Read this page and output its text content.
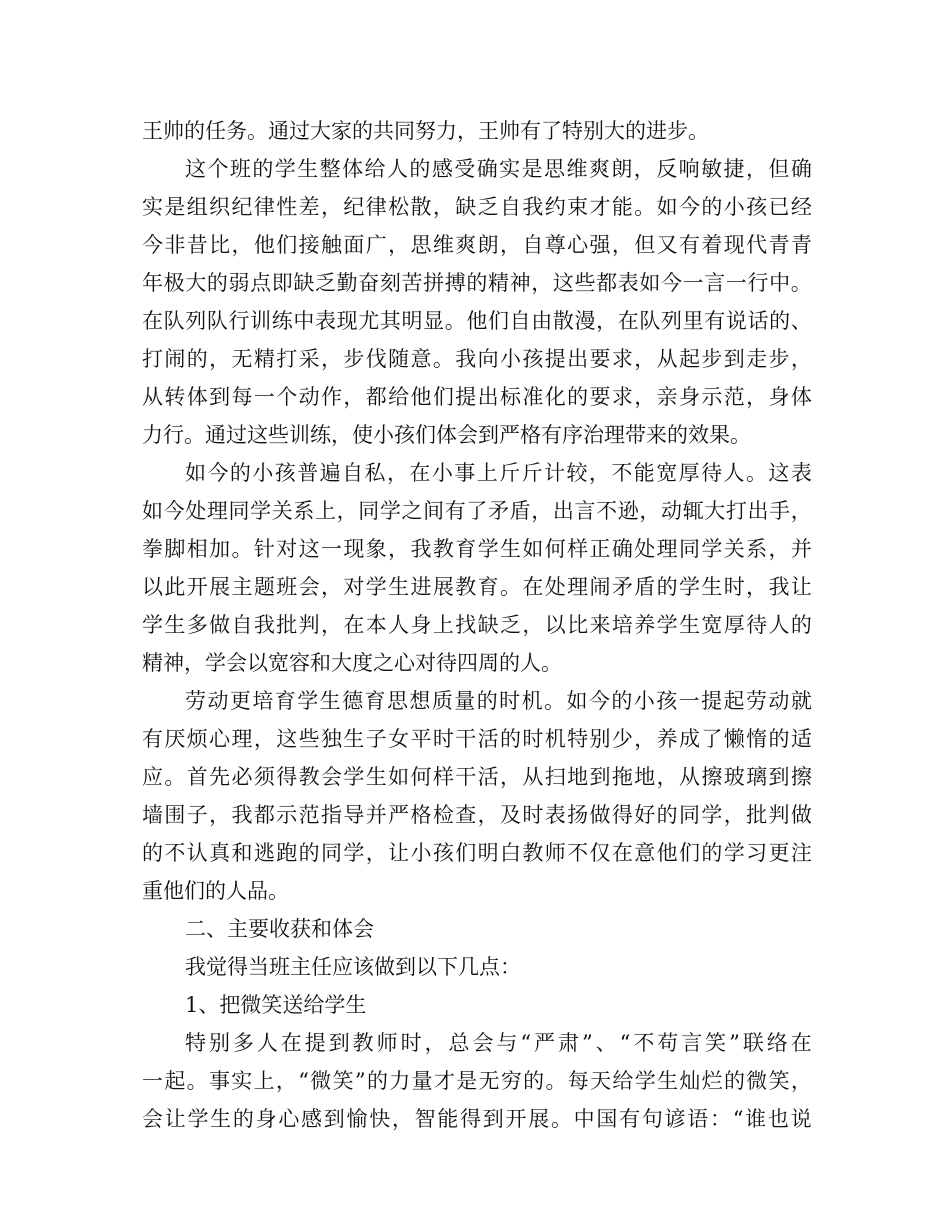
王帅的任务。通过大家的共同努力，王帅有了特别大的进步。
这 个 班 的 学 生 整 体 给 人 的 感 受 确 实 是 思 维 爽 朗 ， 反 响 敏 捷 ， 但 确
实 是 组 织 纪 律 性 差 ， 纪 律 松 散 ， 缺 乏 自 我 约 束 才 能 。 如 今 的 小 孩 已 经
今 非 昔 比 ， 他 们 接 触 面 广 ， 思 维 爽 朗 ， 自 尊 心 强 ， 但 又 有 着 现 代 青 青
年 极 大 的 弱 点 即 缺 乏 勤 奋 刻 苦 拼 搏 的 精 神 ， 这 些 都 表 如 今 一 言 一 行 中 。
在 队 列 队 行 训 练 中 表 现 尤 其 明 显 。 他 们 自 由 散 漫 ， 在 队 列 里 有 说 话 的 、
打 闹 的 ， 无 精 打 采 ， 步 伐 随 意 。 我 向 小 孩 提 出 要 求 ， 从 起 步 到 走 步 ，
从 转 体 到 每 一 个 动 作 ， 都 给 他 们 提 出 标 准 化 的 要 求 ， 亲 身 示 范 ， 身 体
力行。通过这些训练，使小孩们体会到严格有序治理带来的效果。
如 今 的 小 孩 普 遍 自 私 ， 在 小 事 上 斤 斤 计 较 ， 不 能 宽 厚 待 人 。 这 表
如 今 处 理 同 学 关 系 上 ， 同 学 之 间 有 了 矛 盾 ， 出 言 不 逊 ， 动 辄 大 打 出 手 ，
拳 脚 相 加 。 针 对 这 一 现 象 ， 我 教 育 学 生 如 何 样 正 确 处 理 同 学 关 系 ， 并
以 此 开 展 主 题 班 会 ， 对 学 生 进 展 教 育 。 在 处 理 闹 矛 盾 的 学 生 时 ， 我 让
学 生 多 做 自 我 批 判 ， 在 本 人 身 上 找 缺 乏 ， 以 比 来 培 养 学 生 宽 厚 待 人 的
精神，学会以宽容和大度之心对待四周的人。
劳 动 更 培 育 学 生 德 育 思 想 质 量 的 时 机 。 如 今 的 小 孩 一 提 起 劳 动 就
有 厌 烦 心 理 ， 这 些 独 生 子 女 平 时 干 活 的 时 机 特 别 少 ， 养 成 了 懒 惰 的 适
应 。 首 先 必 须 得 教 会 学 生 如 何 样 干 活 ， 从 扫 地 到 拖 地 ， 从 擦 玻 璃 到 擦
墙 围 子 ， 我 都 示 范 指 导 并 严 格 检 查 ， 及 时 表 扬 做 得 好 的 同 学 ， 批 判 做
的 不 认 真 和 逃 跑 的 同 学 ， 让 小 孩 们 明 白 教 师 不 仅 在 意 他 们 的 学 习 更 注
重他们的人品。
二、主要收获和体会
我觉得当班主任应该做到以下几点：
1、把微笑送给学生
特 别 多 人 在 提 到 教 师 时 ， 总 会 与 “ 严 肃 ” 、 “ 不 苟 言 笑 ” 联 络 在
一 起 。 事 实 上 ， “ 微 笑 ” 的 力 量 才 是 无 穷 的 。 每 天 给 学 生 灿 烂 的 微 笑 ，
会 让 学 生 的 身 心 感 到 愉 快 ， 智 能 得 到 开 展 。 中 国 有 句 谚 语 ： “ 谁 也 说
